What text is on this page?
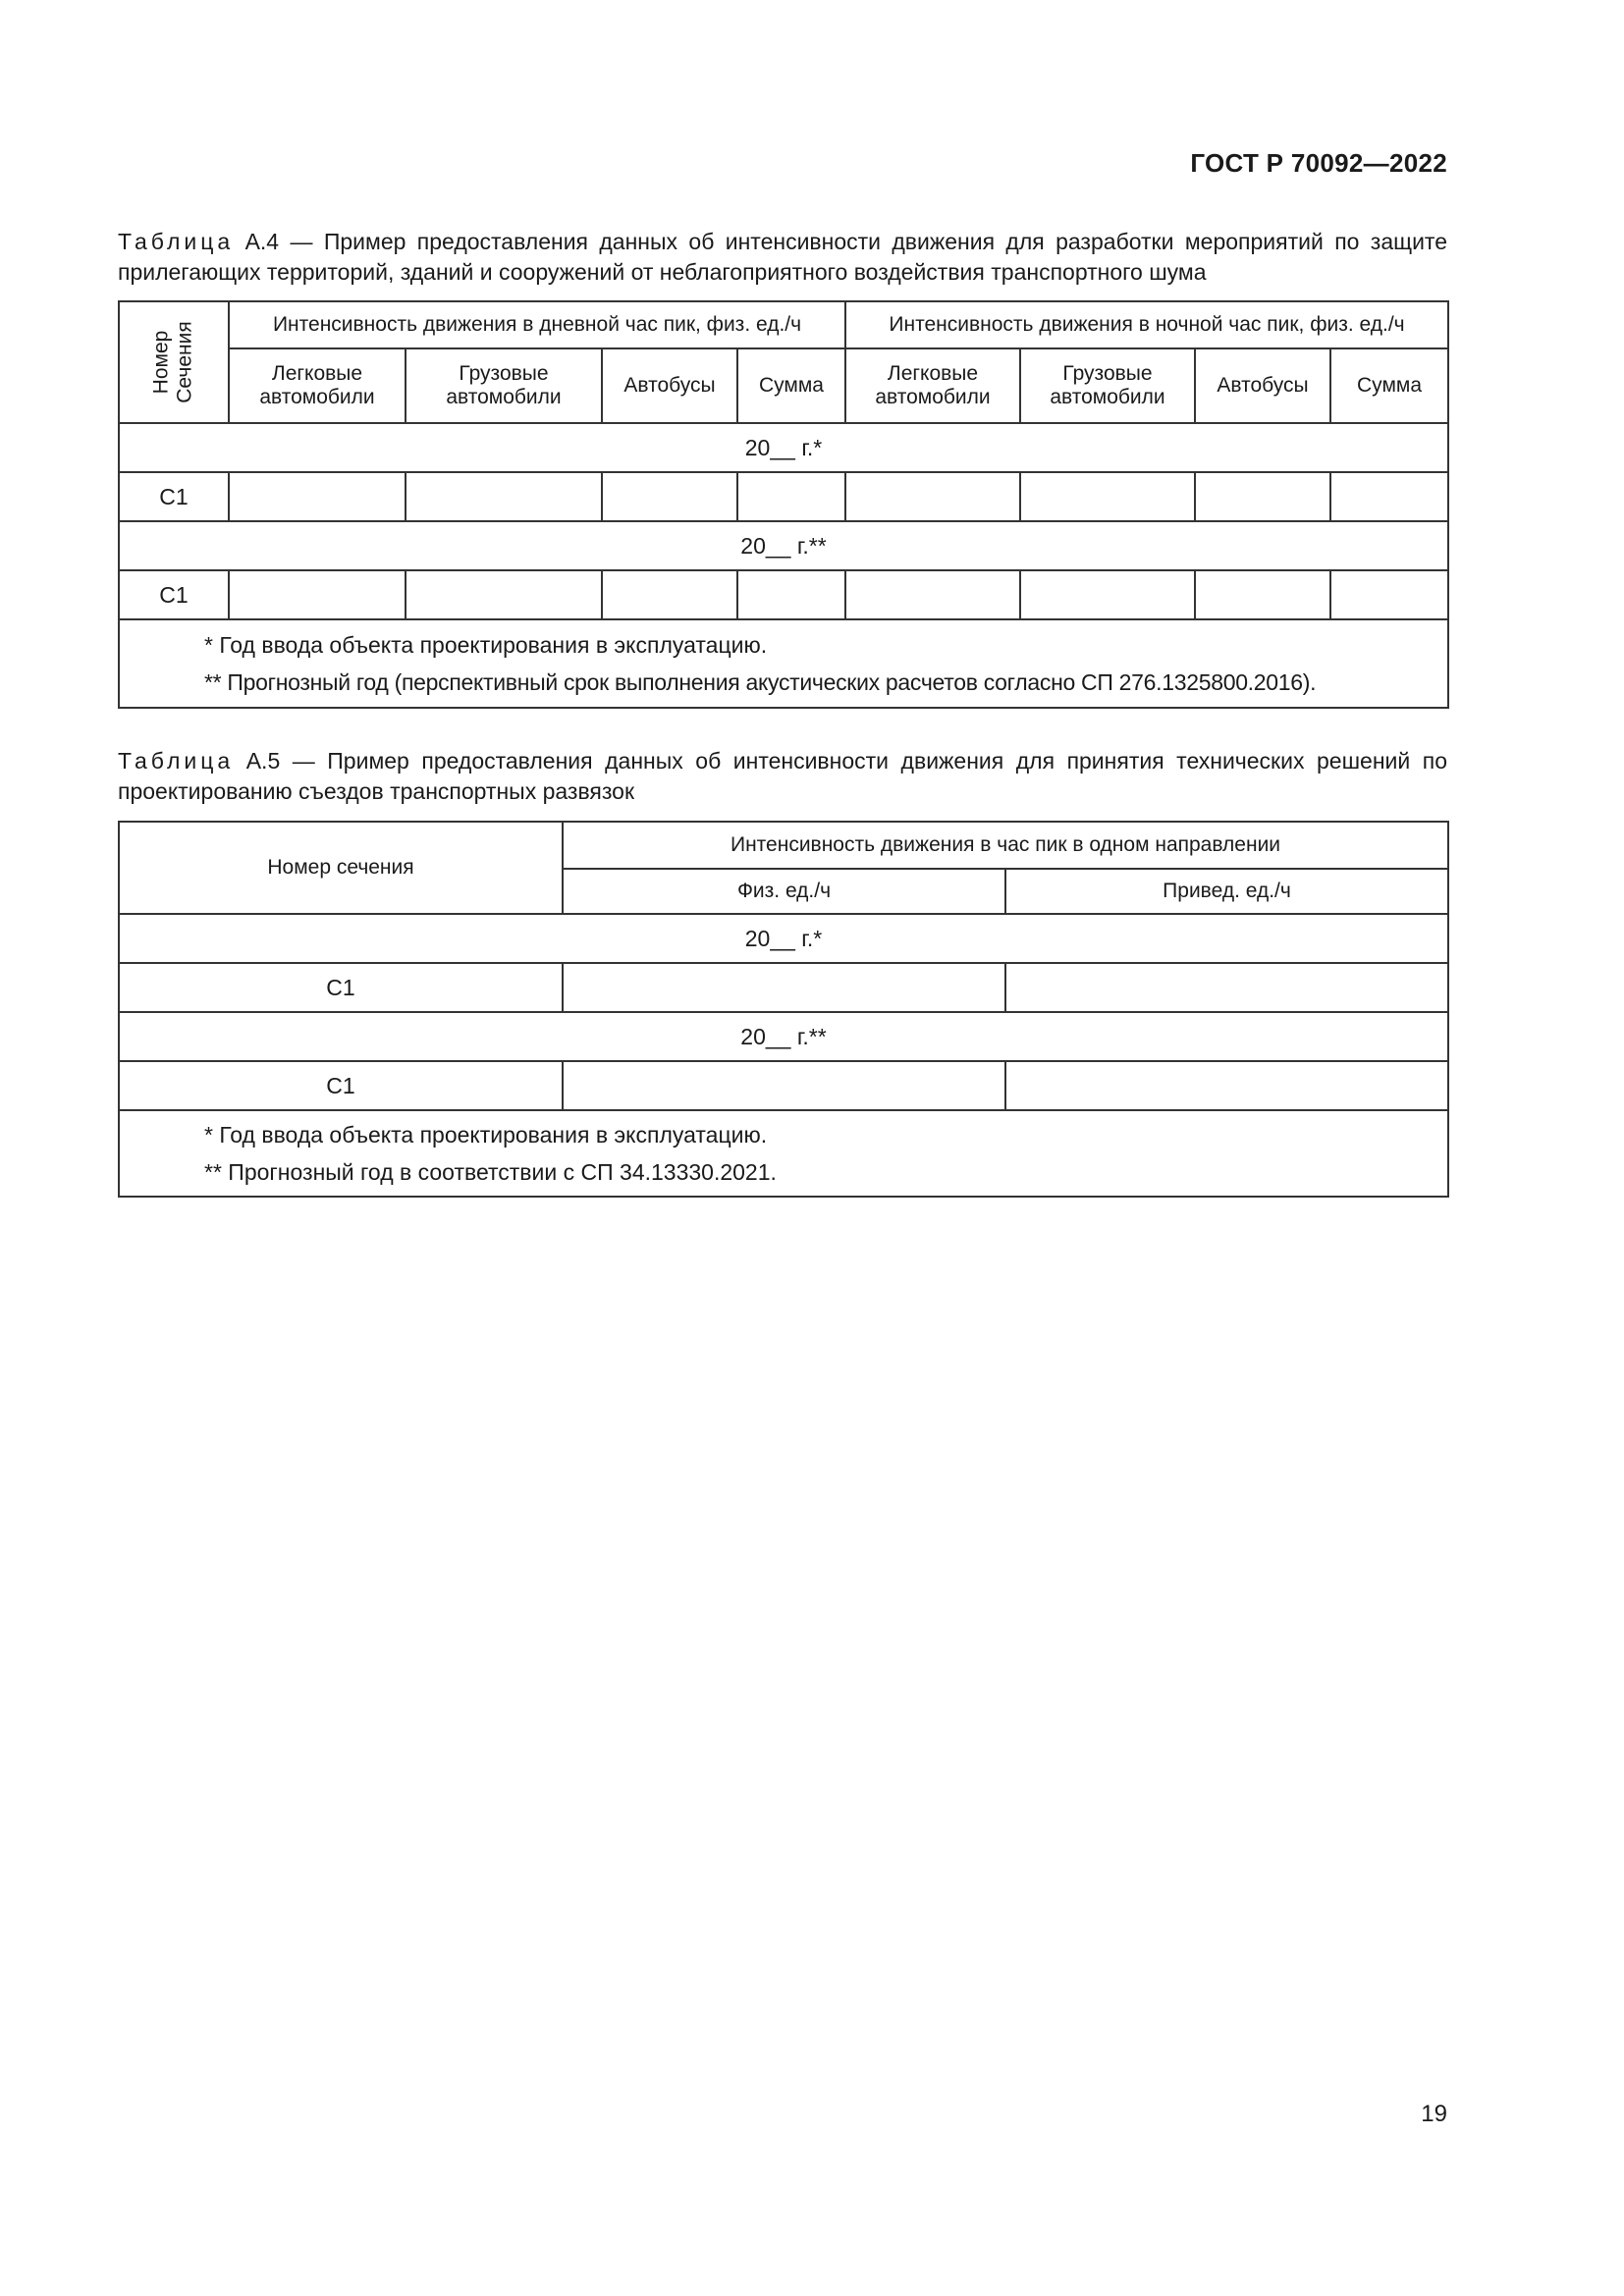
ГОСТ Р 70092—2022
Таблица А.4 — Пример предоставления данных об интенсивности движения для разработки мероприятий по защите прилегающих территорий, зданий и сооружений от неблагоприятного воздействия транспортного шума
Номер
Сечения	Интенсивность движения в дневной час пик, физ. ед./ч				Интенсивность движения в ночной час пик, физ. ед./ч			
	Легковые автомобили	Грузовые автомобили	Автобусы	Сумма	Легковые автомобили	Грузовые автомобили	Автобусы	Сумма
20__ г.*								
С1								
20__ г.**								
С1								

* Год ввода объекта проектирования в эксплуатацию.
** Прогнозный год (перспективный срок выполнения акустических расчетов согласно СП 276.1325800.2016).								
Таблица А.5 — Пример предоставления данных об интенсивности движения для принятия технических решений по проектированию съездов транспортных развязок
Номер сечения	Интенсивность движения в час пик в одном направлении	
	Физ. ед./ч	Привед. ед./ч
20__ г.*		
С1		
20__ г.**		
С1		

* Год ввода объекта проектирования в эксплуатацию.
** Прогнозный год в соответствии с СП 34.13330.2021.		
19
